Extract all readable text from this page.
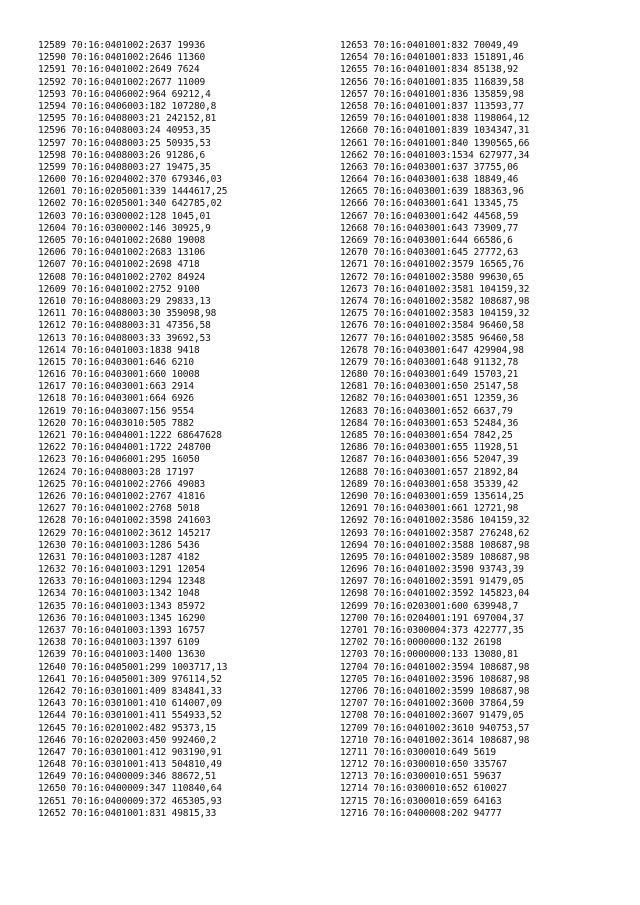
12589 70:16:0401002:2637 19936
12590 70:16:0401002:2646 11360
12591 70:16:0401002:2649 7624
12592 70:16:0401002:2677 11009
12593 70:16:0406002:964 69212,4
12594 70:16:0406003:182 107280,8
12595 70:16:0408003:21 242152,81
12596 70:16:0408003:24 40953,35
12597 70:16:0408003:25 50935,53
12598 70:16:0408003:26 91286,6
12599 70:16:0408003:27 19475,35
12600 70:16:0204002:370 679346,03
12601 70:16:0205001:339 1444617,25
12602 70:16:0205001:340 642785,02
12603 70:16:0300002:128 1045,01
12604 70:16:0300002:146 30925,9
12605 70:16:0401002:2680 19008
12606 70:16:0401002:2683 13106
12607 70:16:0401002:2698 4718
12608 70:16:0401002:2702 84924
12609 70:16:0401002:2752 9100
12610 70:16:0408003:29 29833,13
12611 70:16:0408003:30 359098,98
12612 70:16:0408003:31 47356,58
12613 70:16:0408003:33 39692,53
12614 70:16:0401003:1838 9418
12615 70:16:0403001:646 6210
12616 70:16:0403001:660 10008
12617 70:16:0403001:663 2914
12618 70:16:0403001:664 6926
12619 70:16:0403007:156 9554
12620 70:16:0403010:505 7882
12621 70:16:0404001:1222 68647628
12622 70:16:0404001:1722 248700
12623 70:16:0406001:295 16050
12624 70:16:0408003:28 17197
12625 70:16:0401002:2766 49083
12626 70:16:0401002:2767 41816
12627 70:16:0401002:2768 5018
12628 70:16:0401002:3598 241603
12629 70:16:0401002:3612 145217
12630 70:16:0401003:1286 5436
12631 70:16:0401003:1287 4182
12632 70:16:0401003:1291 12054
12633 70:16:0401003:1294 12348
12634 70:16:0401003:1342 1048
12635 70:16:0401003:1343 85972
12636 70:16:0401003:1345 16290
12637 70:16:0401003:1393 16757
12638 70:16:0401003:1397 6109
12639 70:16:0401003:1400 13630
12640 70:16:0405001:299 1003717,13
12641 70:16:0405001:309 976114,52
12642 70:16:0301001:409 834841,33
12643 70:16:0301001:410 614007,09
12644 70:16:0301001:411 554933,52
12645 70:16:0201002:482 95373,15
12646 70:16:0202003:450 992460,2
12647 70:16:0301001:412 903190,91
12648 70:16:0301001:413 504810,49
12649 70:16:0400009:346 88672,51
12650 70:16:0400009:347 110840,64
12651 70:16:0400009:372 465305,93
12652 70:16:0401001:831 49815,33
12653 70:16:0401001:832 70049,49
12654 70:16:0401001:833 151891,46
12655 70:16:0401001:834 85138,92
12656 70:16:0401001:835 116839,58
12657 70:16:0401001:836 135859,98
12658 70:16:0401001:837 113593,77
12659 70:16:0401001:838 1198064,12
12660 70:16:0401001:839 1034347,31
12661 70:16:0401001:840 1390565,66
12662 70:16:0401003:1534 627977,34
12663 70:16:0403001:637 37755,06
12664 70:16:0403001:638 18849,46
12665 70:16:0403001:639 188363,96
12666 70:16:0403001:641 13345,75
12667 70:16:0403001:642 44568,59
12668 70:16:0403001:643 73909,77
12669 70:16:0403001:644 66586,6
12670 70:16:0403001:645 27772,63
12671 70:16:0401002:3579 16565,76
12672 70:16:0401002:3580 99630,65
12673 70:16:0401002:3581 104159,32
12674 70:16:0401002:3582 108687,98
12675 70:16:0401002:3583 104159,32
12676 70:16:0401002:3584 96460,58
12677 70:16:0401002:3585 96460,58
12678 70:16:0403001:647 429904,98
12679 70:16:0403001:648 91132,78
12680 70:16:0403001:649 15703,21
12681 70:16:0403001:650 25147,58
12682 70:16:0403001:651 12359,36
12683 70:16:0403001:652 6637,79
12684 70:16:0403001:653 52484,36
12685 70:16:0403001:654 7842,25
12686 70:16:0403001:655 11928,51
12687 70:16:0403001:656 52047,39
12688 70:16:0403001:657 21892,84
12689 70:16:0403001:658 35339,42
12690 70:16:0403001:659 135614,25
12691 70:16:0403001:661 12721,98
12692 70:16:0401002:3586 104159,32
12693 70:16:0401002:3587 276248,62
12694 70:16:0401002:3588 108687,98
12695 70:16:0401002:3589 108687,98
12696 70:16:0401002:3590 93743,39
12697 70:16:0401002:3591 91479,05
12698 70:16:0401002:3592 145823,04
12699 70:16:0203001:600 639948,7
12700 70:16:0204001:191 697004,37
12701 70:16:0300004:373 422777,35
12702 70:16:0000000:132 26198
12703 70:16:0000000:133 13080,81
12704 70:16:0401002:3594 108687,98
12705 70:16:0401002:3596 108687,98
12706 70:16:0401002:3599 108687,98
12707 70:16:0401002:3600 37864,59
12708 70:16:0401002:3607 91479,05
12709 70:16:0401002:3610 940753,57
12710 70:16:0401002:3614 108687,98
12711 70:16:0300010:649 5619
12712 70:16:0300010:650 335767
12713 70:16:0300010:651 59637
12714 70:16:0300010:652 610027
12715 70:16:0300010:659 64163
12716 70:16:0400008:202 94777
